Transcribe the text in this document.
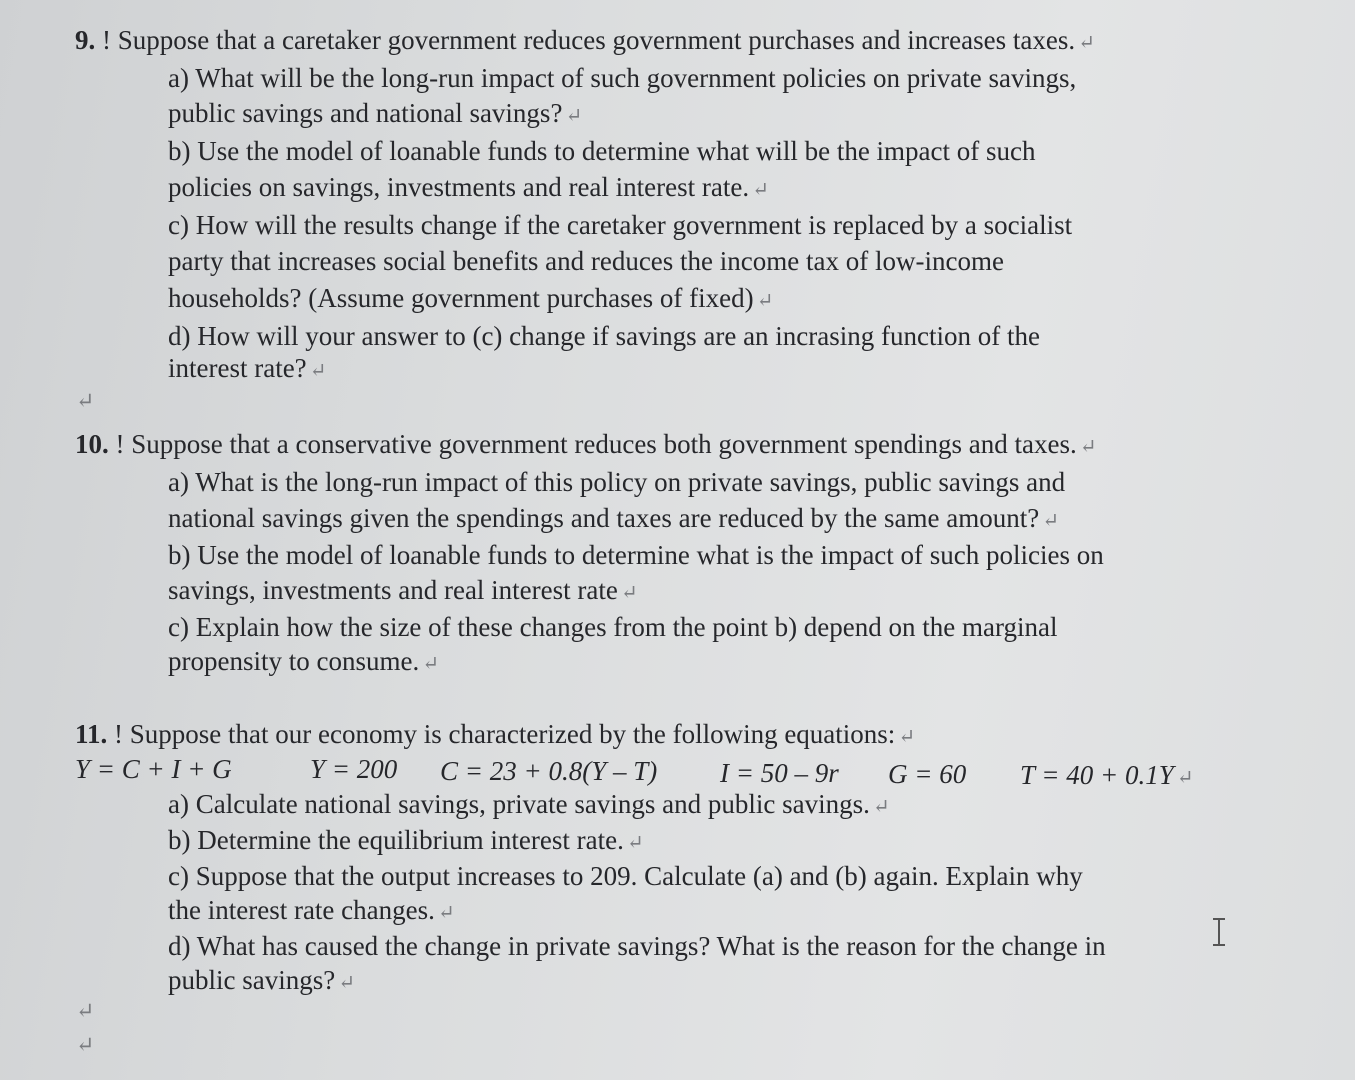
9. ! Suppose that a caretaker government reduces government purchases and increases taxes. ↵
a) What will be the long-run impact of such government policies on private savings,
public savings and national savings? ↵
b) Use the model of loanable funds to determine what will be the impact of such
policies on savings, investments and real interest rate. ↵
c) How will the results change if the caretaker government is replaced by a socialist
party that increases social benefits and reduces the income tax of low-income
households? (Assume government purchases of fixed) ↵
d) How will your answer to (c) change if savings are an incrasing function of the
interest rate? ↵
↵
10. ! Suppose that a conservative government reduces both government spendings and taxes. ↵
a) What is the long-run impact of this policy on private savings, public savings and
national savings given the spendings and taxes are reduced by the same amount? ↵
b) Use the model of loanable funds to determine what is the impact of such policies on
savings, investments and real interest rate ↵
c) Explain how the size of these changes from the point b) depend on the marginal
propensity to consume. ↵
11. ! Suppose that our economy is characterized by the following equations: ↵
Y = C + I + G	Y = 200 C = 23 + 0.8(Y – T) I = 50 – 9r G = 60 T = 40 + 0.1Y ↵
a) Calculate national savings, private savings and public savings. ↵
b) Determine the equilibrium interest rate. ↵
c) Suppose that the output increases to 209. Calculate (a) and (b) again. Explain why
the interest rate changes. ↵
d) What has caused the change in private savings? What is the reason for the change in
public savings? ↵
↵
↵
